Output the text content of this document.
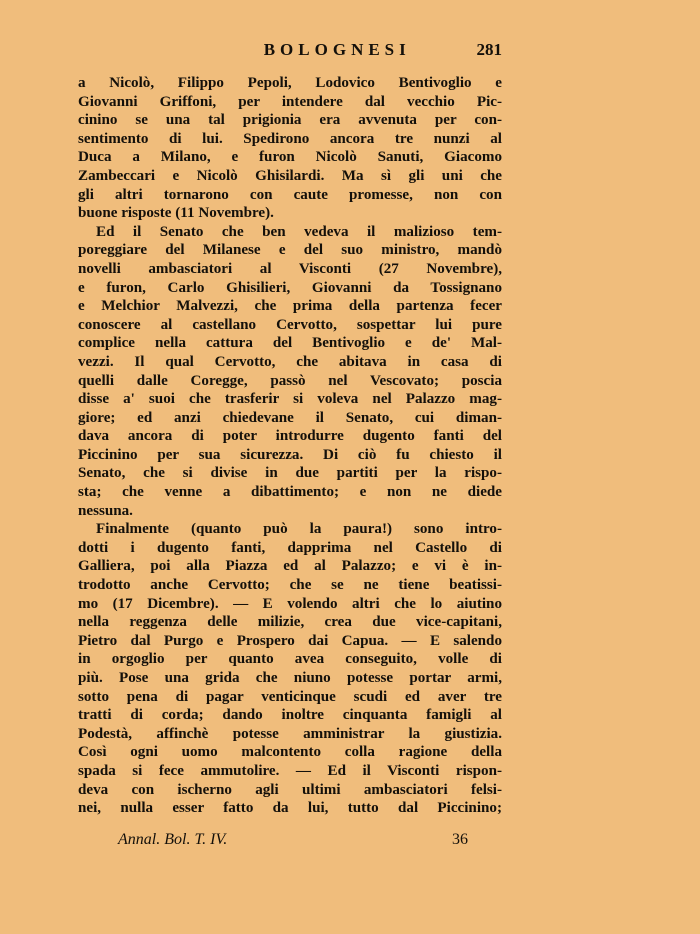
BOLOGNESI	281
a Nicolò, Filippo Pepoli, Lodovico Bentivoglio e
Giovanni Griffoni, per intendere dal vecchio Pic-
cinino se una tal prigionia era avvenuta per con-
sentimento di lui. Spedirono ancora tre nunzi al
Duca a Milano, e furon Nicolò Sanuti, Giacomo
Zambeccari e Nicolò Ghisilardi. Ma sì gli uni che
gli altri tornarono con caute promesse, non con
buone risposte (11 Novembre).
Ed il Senato che ben vedeva il malizioso tem-
poreggiare del Milanese e del suo ministro, mandò
novelli ambasciatori al Visconti (27 Novembre),
e furon, Carlo Ghisilieri, Giovanni da Tossignano
e Melchior Malvezzi, che prima della partenza fecer
conoscere al castellano Cervotto, sospettar lui pure
complice nella cattura del Bentivoglio e de' Mal-
vezzi. Il qual Cervotto, che abitava in casa di
quelli dalle Coregge, passò nel Vescovato; poscia
disse a' suoi che trasferir si voleva nel Palazzo mag-
giore; ed anzi chiedevane il Senato, cui diman-
dava ancora di poter introdurre dugento fanti del
Piccinino per sua sicurezza. Di ciò fu chiesto il
Senato, che si divise in due partiti per la rispo-
sta; che venne a dibattimento; e non ne diede
nessuna.
Finalmente (quanto può la paura!) sono intro-
dotti i dugento fanti, dapprima nel Castello di
Galliera, poi alla Piazza ed al Palazzo; e vi è in-
trodotto anche Cervotto; che se ne tiene beatissi-
mo (17 Dicembre). — E volendo altri che lo aiutino
nella reggenza delle milizie, crea due vice-capitani,
Pietro dal Purgo e Prospero dai Capua. — E salendo
in orgoglio per quanto avea conseguito, volle di
più. Pose una grida che niuno potesse portar armi,
sotto pena di pagar venticinque scudi ed aver tre
tratti di corda; dando inoltre cinquanta famigli al
Podestà, affinchè potesse amministrar la giustizia.
Così ogni uomo malcontento colla ragione della
spada si fece ammutolire. — Ed il Visconti rispon-
deva con ischerno agli ultimi ambasciatori felsi-
nei, nulla esser fatto da lui, tutto dal Piccinino;
Annal. Bol. T. IV.	36
